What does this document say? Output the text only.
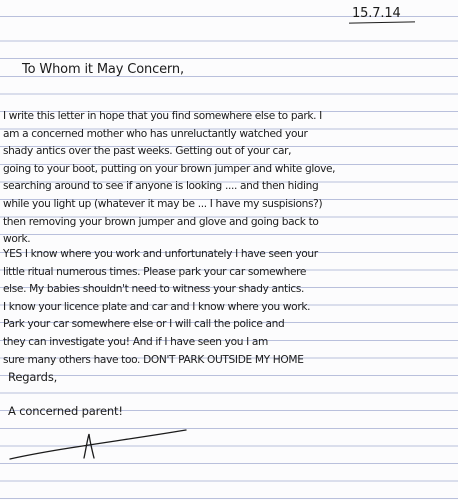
15.7.14
To Whom it May Concern,
I write this letter in hope that you find somewhere else to park. I
am a concerned mother who has unreluctantly watched your
shady antics over the past weeks. Getting out of your car,
going to your boot, putting on your brown jumper and white glove,
searching around to see if anyone is looking .... and then hiding
while you light up (whatever it may be ... I have my suspisions?)
then removing your brown jumper and glove and going back to
work.
YES I know where you work and unfortunately I have seen your
little ritual numerous times. Please park your car somewhere
else. My babies shouldn't need to witness your shady antics.
I know your licence plate and car and I know where you work.
Park your car somewhere else or I will call the police and
they can investigate you! And if I have seen you I am
sure many others have too. DON'T PARK OUTSIDE MY HOME
Regards,
A concerned parent!
